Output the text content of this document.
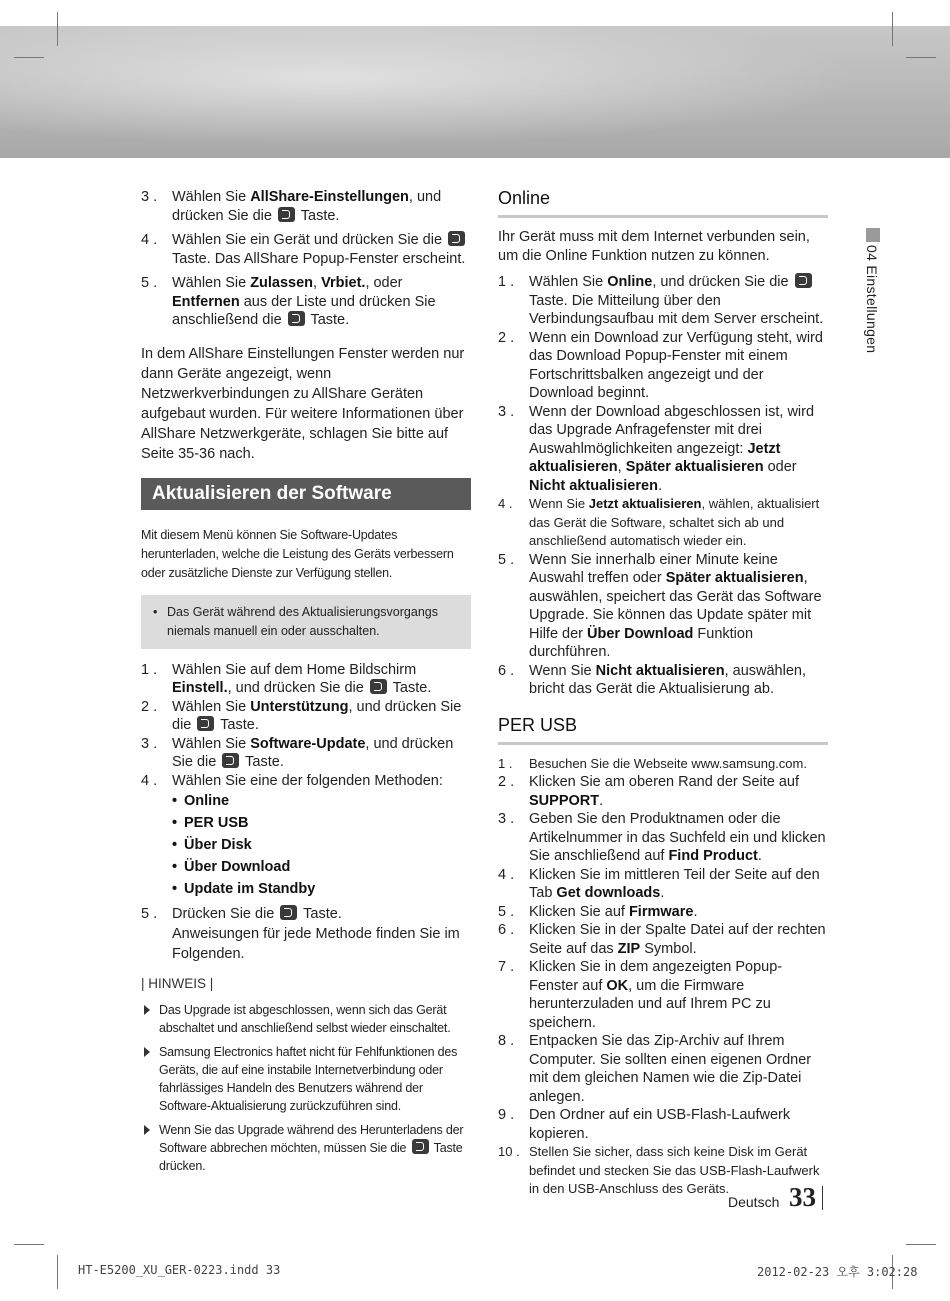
3 . Wählen Sie AllShare-Einstellungen, und drücken Sie die  Taste.
4 . Wählen Sie ein Gerät und drücken Sie die  Taste. Das AllShare Popup-Fenster erscheint.
5 . Wählen Sie Zulassen, Vrbiet., oder Entfernen aus der Liste und drücken Sie anschließend die  Taste.

In dem AllShare Einstellungen Fenster werden nur dann Geräte angezeigt, wenn Netzwerkverbindungen zu AllShare Geräten aufgebaut wurden. Für weitere Informationen über AllShare Netzwerkgeräte, schlagen Sie bitte auf Seite 35-36 nach.

Aktualisieren der Software
Mit diesem Menü können Sie Software-Updates herunterladen, welche die Leistung des Geräts verbessern oder zusätzliche Dienste zur Verfügung stellen.
• Das Gerät während des Aktualisierungsvorgangs niemals manuell ein oder ausschalten.
1 . Wählen Sie auf dem Home Bildschirm Einstell., und drücken Sie die  Taste.
2 . Wählen Sie Unterstützung, und drücken Sie die  Taste.
3 . Wählen Sie Software-Update, und drücken Sie die  Taste.
4 . Wählen Sie eine der folgenden Methoden:
• Online
• PER USB
• Über Disk
• Über Download
• Update im Standby
5 . Drücken Sie die  Taste.
Anweisungen für jede Methode finden Sie im Folgenden.
| HINWEIS |
Das Upgrade ist abgeschlossen, wenn sich das Gerät abschaltet und anschließend selbst wieder einschaltet.
Samsung Electronics haftet nicht für Fehlfunktionen des Geräts, die auf eine instabile Internetverbindung oder fahrlässiges Handeln des Benutzers während der Software-Aktualisierung zurückzuführen sind.
Wenn Sie das Upgrade während des Herunterladens der Software abbrechen möchten, müssen Sie die  Taste drücken.
Online

Ihr Gerät muss mit dem Internet verbunden sein, um die Online Funktion nutzen zu können.

1 . Wählen Sie Online, und drücken Sie die  Taste. Die Mitteilung über den Verbindungsaufbau mit dem Server erscheint.
2 . Wenn ein Download zur Verfügung steht, wird das Download Popup-Fenster mit einem Fortschrittsbalken angezeigt und der Download beginnt.
3 . Wenn der Download abgeschlossen ist, wird das Upgrade Anfragefenster mit drei Auswahlmöglichkeiten angezeigt: Jetzt aktualisieren, Später aktualisieren oder Nicht aktualisieren.
4 . Wenn Sie Jetzt aktualisieren, wählen, aktualisiert das Gerät die Software, schaltet sich ab und anschließend automatisch wieder ein.
5 . Wenn Sie innerhalb einer Minute keine Auswahl treffen oder Später aktualisieren, auswählen, speichert das Gerät das Software Upgrade. Sie können das Update später mit Hilfe der Über Download Funktion durchführen.
6 . Wenn Sie Nicht aktualisieren, auswählen, bricht das Gerät die Aktualisierung ab.
PER USB
1 . Besuchen Sie die Webseite www.samsung.com.
2 . Klicken Sie am oberen Rand der Seite auf SUPPORT.
3 . Geben Sie den Produktnamen oder die Artikelnummer in das Suchfeld ein und klicken Sie anschließend auf Find Product.
4 . Klicken Sie im mittleren Teil der Seite auf den Tab Get downloads.
5 . Klicken Sie auf Firmware.
6 . Klicken Sie in der Spalte Datei auf der rechten Seite auf das ZIP Symbol.
7 . Klicken Sie in dem angezeigten Popup-Fenster auf OK, um die Firmware herunterzuladen und auf Ihrem PC zu speichern.
8 . Entpacken Sie das Zip-Archiv auf Ihrem Computer. Sie sollten einen eigenen Ordner mit dem gleichen Namen wie die Zip-Datei anlegen.
9 . Den Ordner auf ein USB-Flash-Laufwerk kopieren.
10 . Stellen Sie sicher, dass sich keine Disk im Gerät befindet und stecken Sie das USB-Flash-Laufwerk in den USB-Anschluss des Geräts.
04 Einstellungen
Deutsch 33
HT-E5200_XU_GER-0223.indd 33	2012-02-23 오후 3:02:28
